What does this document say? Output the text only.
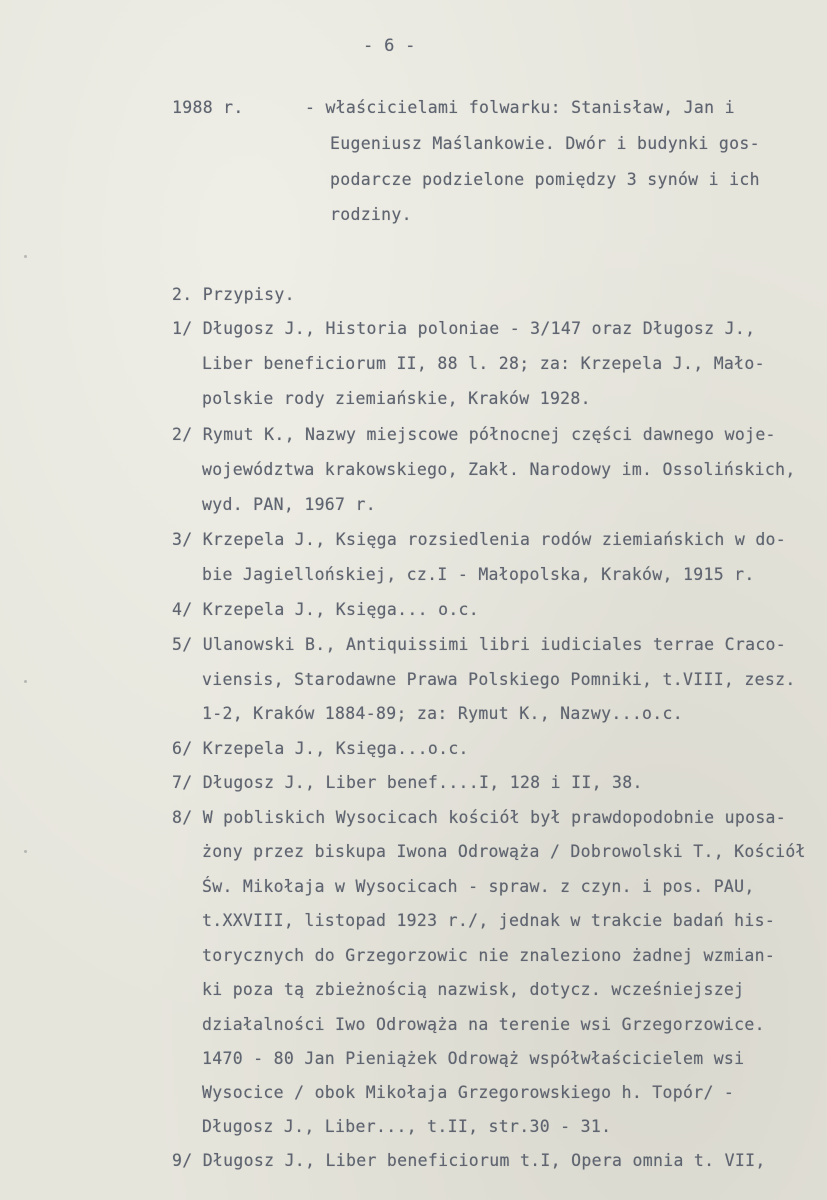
- 6 -
1988 r.	- właścicielami folwarku: Stanisław, Jan i
Eugeniusz Maślankowie. Dwór i budynki gos-
podarcze podzielone pomiędzy 3 synów i ich
rodziny.
2. Przypisy.
1/ Długosz J., Historia poloniae - 3/147 oraz Długosz J.,
Liber beneficiorum II, 88 l. 28; za: Krzepela J., Mało-
polskie rody ziemiańskie, Kraków 1928.
2/ Rymut K., Nazwy miejscowe północnej części dawnego woje-
województwa krakowskiego, Zakł. Narodowy im. Ossolińskich,
wyd. PAN, 1967 r.
3/ Krzepela J., Księga rozsiedlenia rodów ziemiańskich w do-
bie Jagiellońskiej, cz.I - Małopolska, Kraków, 1915 r.
4/ Krzepela J., Księga... o.c.
5/ Ulanowski B., Antiquissimi libri iudiciales terrae Craco-
viensis, Starodawne Prawa Polskiego Pomniki, t.VIII, zesz.
1-2, Kraków 1884-89; za: Rymut K., Nazwy...o.c.
6/ Krzepela J., Księga...o.c.
7/ Długosz J., Liber benef....I, 128 i II, 38.
8/ W pobliskich Wysocicach kościół był prawdopodobnie uposa-
żony przez biskupa Iwona Odrowąża / Dobrowolski T., Kościół
Św. Mikołaja w Wysocicach - spraw. z czyn. i pos. PAU,
t.XXVIII, listopad 1923 r./, jednak w trakcie badań his-
torycznych do Grzegorzowic nie znaleziono żadnej wzmian-
ki poza tą zbieżnością nazwisk, dotycz. wcześniejszej
działalności Iwo Odrowąża na terenie wsi Grzegorzowice.
1470 - 80 Jan Pieniążek Odrowąż współwłaścicielem wsi
Wysocice / obok Mikołaja Grzegorowskiego h. Topór/ -
Długosz J., Liber..., t.II, str.30 - 31.
9/ Długosz J., Liber beneficiorum t.I, Opera omnia t. VII,
